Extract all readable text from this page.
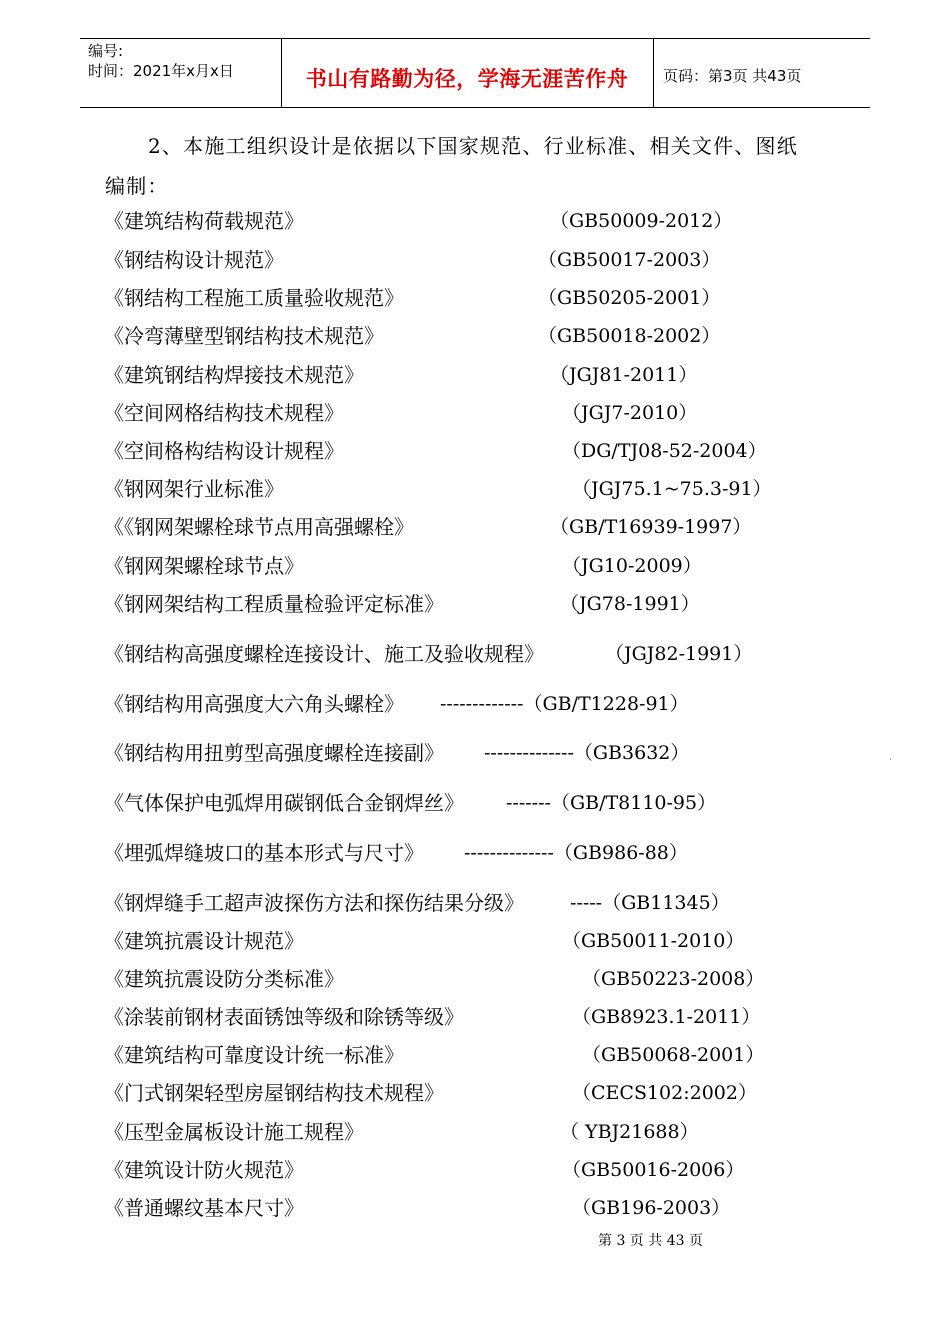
编号:
时间：2021年x月x日	书山有路勤为径，学海无涯苦作舟	页码：第3页 共43页
2、本施工组织设计是依据以下国家规范、行业标准、相关文件、图纸
编制：
《建筑结构荷载规范》	（GB50009-2012）
《钢结构设计规范》	（GB50017-2003）
《钢结构工程施工质量验收规范》	（GB50205-2001）
《冷弯薄壁型钢结构技术规范》	（GB50018-2002）
《建筑钢结构焊接技术规范》	（JGJ81-2011）
《空间网格结构技术规程》	（JGJ7-2010）
《空间格构结构设计规程》	（DG/TJ08-52-2004）
《钢网架行业标准》	（JGJ75.1~75.3-91）
《《钢网架螺栓球节点用高强螺栓》	（GB/T16939-1997）
《钢网架螺栓球节点》	（JG10-2009）
《钢网架结构工程质量检验评定标准》	（JG78-1991）
《钢结构高强度螺栓连接设计、施工及验收规程》	（JGJ82-1991）
《钢结构用高强度大六角头螺栓》 -------------（GB/T1228-91）
《钢结构用扭剪型高强度螺栓连接副》 --------------（GB3632）
《气体保护电弧焊用碳钢低合金钢焊丝》 -------（GB/T8110-95）
《埋弧焊缝坡口的基本形式与尺寸》 --------------（GB986-88）
《钢焊缝手工超声波探伤方法和探伤结果分级》 -----（GB11345）
《建筑抗震设计规范》	（GB50011-2010）
《建筑抗震设防分类标准》	（GB50223-2008）
《涂装前钢材表面锈蚀等级和除锈等级》	（GB8923.1-2011）
《建筑结构可靠度设计统一标准》	（GB50068-2001）
《门式钢架轻型房屋钢结构技术规程》	（CECS102:2002）
《压型金属板设计施工规程》	（ YBJ21688）
《建筑设计防火规范》	（GB50016-2006）
《普通螺纹基本尺寸》	（GB196-2003）
·
第 3 页 共 43 页
